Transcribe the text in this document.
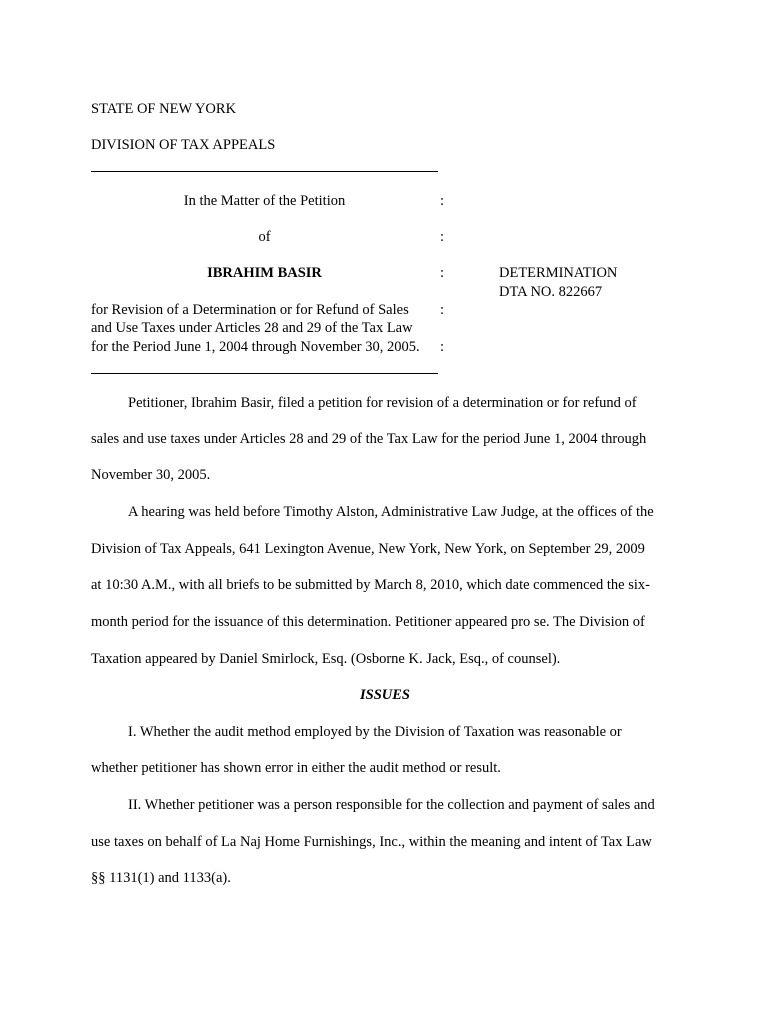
STATE OF NEW YORK
DIVISION OF TAX APPEALS
In the Matter of the Petition	:
of	:
IBRAHIM BASIR	:	DETERMINATION
DTA NO. 822667
for Revision of a Determination or for Refund of Sales :
and Use Taxes under Articles 28 and 29 of the Tax Law
for the Period June 1, 2004 through November 30, 2005. :
Petitioner, Ibrahim Basir, filed a petition for revision of a determination or for refund of
sales and use taxes under Articles 28 and 29 of the Tax Law for the period June 1, 2004 through
November 30, 2005.
A hearing was held before Timothy Alston, Administrative Law Judge, at the offices of the
Division of Tax Appeals, 641 Lexington Avenue, New York, New York, on September 29, 2009
at 10:30 A.M., with all briefs to be submitted by March 8, 2010, which date commenced the six-
month period for the issuance of this determination. Petitioner appeared pro se. The Division of
Taxation appeared by Daniel Smirlock, Esq. (Osborne K. Jack, Esq., of counsel).
ISSUES
I. Whether the audit method employed by the Division of Taxation was reasonable or
whether petitioner has shown error in either the audit method or result.
II. Whether petitioner was a person responsible for the collection and payment of sales and
use taxes on behalf of La Naj Home Furnishings, Inc., within the meaning and intent of Tax Law
§§ 1131(1) and 1133(a).
